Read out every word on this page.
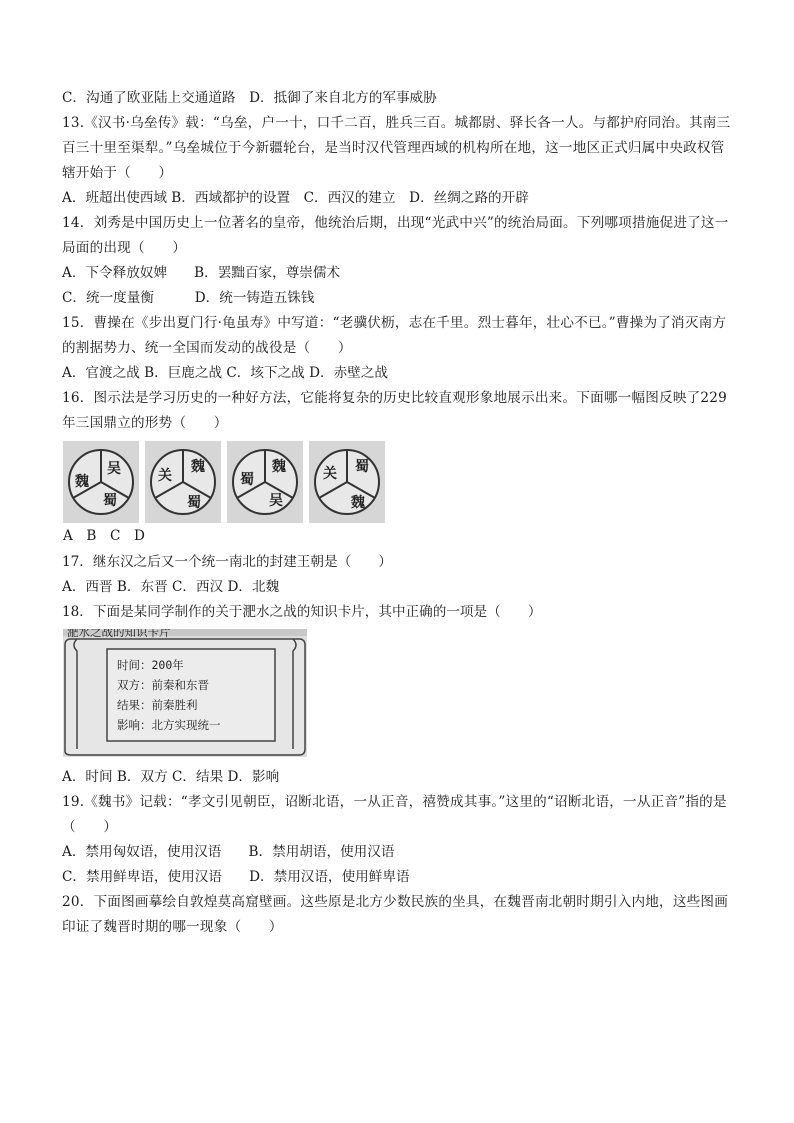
C．沟通了欧亚陆上交通道路　D．抵御了来自北方的军事威胁
13.《汉书·乌垒传》载：“乌垒，户一十，口千二百，胜兵三百。城都尉、驿长各一人。与都护府同治。其南三百三十里至渠犁。”乌垒城位于今新疆轮台，是当时汉代管理西域的机构所在地，这一地区正式归属中央政权管辖开始于（　　）
A．班超出使西域 B．西域都护的设置　C．西汉的建立　D．丝绸之路的开辟
14．刘秀是中国历史上一位著名的皇帝，他统治后期，出现“光武中兴”的统治局面。下列哪项措施促进了这一局面的出现（　　）
A．下令释放奴婢　　B．罢黜百家，尊崇儒术
C．统一度量衡　　　D．统一铸造五铢钱
15．曹操在《步出夏门行·龟虽寿》中写道：“老骥伏枥，志在千里。烈士暮年，壮心不已。”曹操为了消灭南方的割据势力、统一全国而发动的战役是（　　）
A．官渡之战 B．巨鹿之战 C．垓下之战 D．赤壁之战
16．图示法是学习历史的一种好方法，它能将复杂的历史比较直观形象地展示出来。下面哪一幅图反映了229年三国鼎立的形势（　　）
吴
魏
蜀
魏
关
蜀
魏
蜀
吴
蜀
关
魏
A　B　C　D
17．继东汉之后又一个统一南北的封建王朝是（　　）
A．西晋 B．东晋 C．西汉 D．北魏
18．下面是某同学制作的关于淝水之战的知识卡片，其中正确的一项是（　　）
淝水之战的知识卡片
时间：200年
双方：前秦和东晋
结果：前秦胜利
影响：北方实现统一
A．时间 B．双方 C．结果 D．影响
19.《魏书》记载：“孝文引见朝臣，诏断北语，一从正音，禧赞成其事。”这里的“诏断北语，一从正音”指的是（　　）
A．禁用匈奴语，使用汉语　　B．禁用胡语，使用汉语
C．禁用鲜卑语，使用汉语　　D．禁用汉语，使用鲜卑语
20．下面图画摹绘自敦煌莫高窟壁画。这些原是北方少数民族的坐具，在魏晋南北朝时期引入内地，这些图画印证了魏晋时期的哪一现象（　　）
